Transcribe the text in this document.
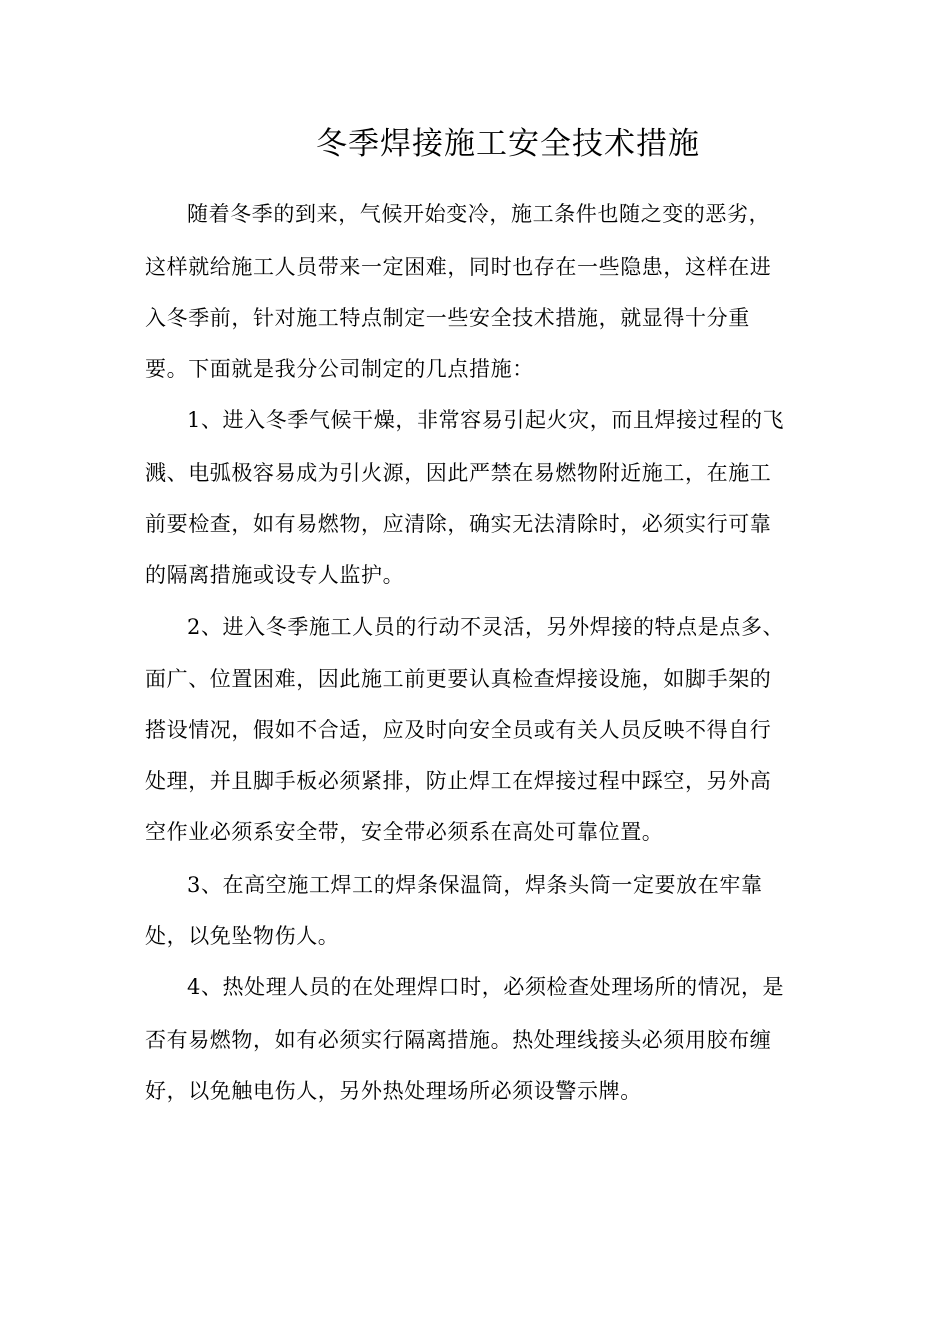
冬季焊接施工安全技术措施
随着冬季的到来，气候开始变冷，施工条件也随之变的恶劣，
这样就给施工人员带来一定困难，同时也存在一些隐患，这样在进
入冬季前，针对施工特点制定一些安全技术措施，就显得十分重
要。下面就是我分公司制定的几点措施：
1、进入冬季气候干燥，非常容易引起火灾，而且焊接过程的飞
溅、电弧极容易成为引火源，因此严禁在易燃物附近施工，在施工
前要检查，如有易燃物，应清除，确实无法清除时，必须实行可靠
的隔离措施或设专人监护。
2、进入冬季施工人员的行动不灵活，另外焊接的特点是点多、
面广、位置困难，因此施工前更要认真检查焊接设施，如脚手架的
搭设情况，假如不合适，应及时向安全员或有关人员反映不得自行
处理，并且脚手板必须紧排，防止焊工在焊接过程中踩空，另外高
空作业必须系安全带，安全带必须系在高处可靠位置。
3、在高空施工焊工的焊条保温筒，焊条头筒一定要放在牢靠
处，以免坠物伤人。
4、热处理人员的在处理焊口时，必须检查处理场所的情况，是
否有易燃物，如有必须实行隔离措施。热处理线接头必须用胶布缠
好，以免触电伤人，另外热处理场所必须设警示牌。
